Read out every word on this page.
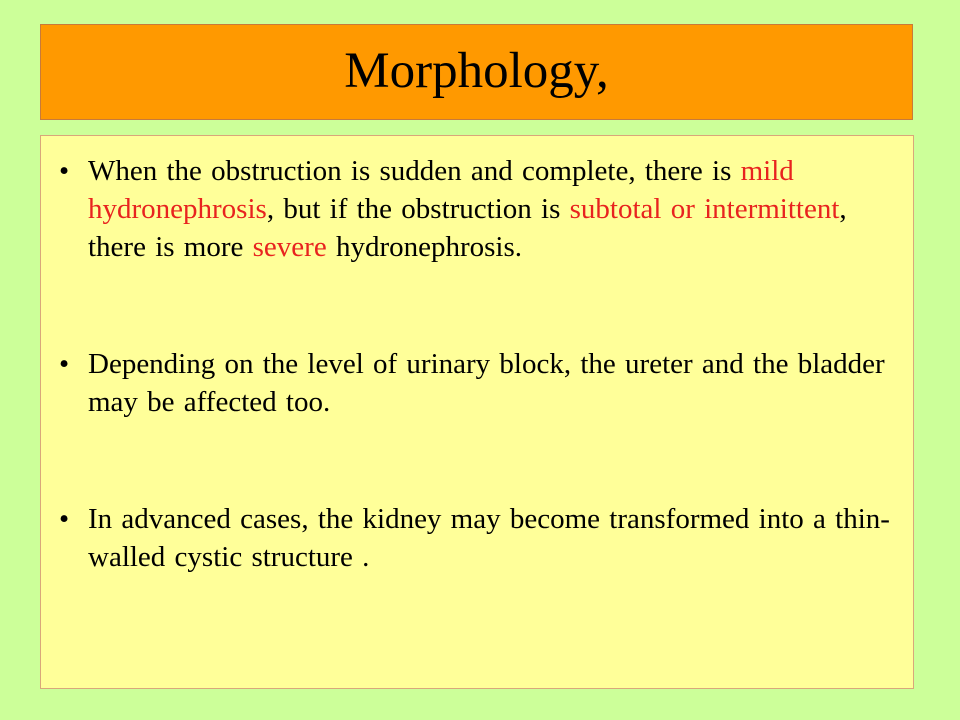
Morphology,
• When the obstruction is sudden and complete, there is mild hydronephrosis, but if the obstruction is subtotal or intermittent, there is more severe hydronephrosis.
• Depending on the level of urinary block, the ureter and the bladder may be affected too.
• In advanced cases, the kidney may become transformed into a thin-walled cystic structure .
